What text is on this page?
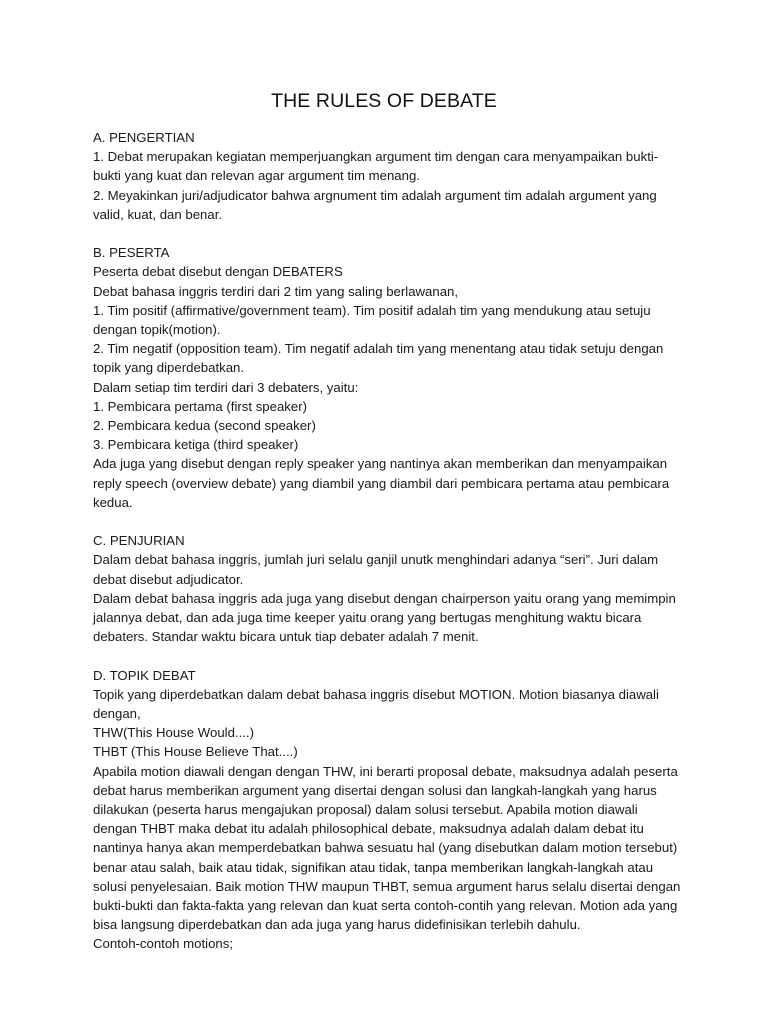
THE RULES OF DEBATE

A. PENGERTIAN

1. Debat merupakan kegiatan memperjuangkan argument tim dengan cara menyampaikan bukti-

bukti yang kuat dan relevan agar argument tim menang.

2. Meyakinkan juri/adjudicator bahwa argnument tim adalah argument tim adalah argument yang

valid, kuat, dan benar.

B. PESERTA

Peserta debat disebut dengan DEBATERS

Debat bahasa inggris terdiri dari 2 tim yang saling berlawanan,

1. Tim positif (affirmative/government team). Tim positif adalah tim yang mendukung atau setuju

dengan topik(motion).

2. Tim negatif (opposition team). Tim negatif adalah tim yang menentang atau tidak setuju dengan

topik yang diperdebatkan.

Dalam setiap tim terdiri dari 3 debaters, yaitu:

1. Pembicara pertama (first speaker)

2. Pembicara kedua (second speaker)

3. Pembicara ketiga (third speaker)

Ada juga yang disebut dengan reply speaker yang nantinya akan memberikan dan menyampaikan

reply speech (overview debate) yang diambil yang diambil dari pembicara pertama atau pembicara

kedua.

C. PENJURIAN

Dalam debat bahasa inggris, jumlah juri selalu ganjil unutk menghindari adanya “seri”. Juri dalam

debat disebut adjudicator.

Dalam debat bahasa inggris ada juga yang disebut dengan chairperson yaitu orang yang memimpin

jalannya debat, dan ada juga time keeper yaitu orang yang bertugas menghitung waktu bicara

debaters. Standar waktu bicara untuk tiap debater adalah 7 menit.

D. TOPIK DEBAT

Topik yang diperdebatkan dalam debat bahasa inggris disebut MOTION. Motion biasanya diawali

dengan,

THW(This House Would....)

THBT (This House Believe That....)

Apabila motion diawali dengan dengan THW, ini berarti proposal debate, maksudnya adalah peserta

debat harus memberikan argument yang disertai dengan solusi dan langkah-langkah yang harus

dilakukan (peserta harus mengajukan proposal) dalam solusi tersebut. Apabila motion diawali

dengan THBT maka debat itu adalah philosophical debate, maksudnya adalah dalam debat itu

nantinya hanya akan memperdebatkan bahwa sesuatu hal (yang disebutkan dalam motion tersebut)

benar atau salah, baik atau tidak, signifikan atau tidak, tanpa memberikan langkah-langkah atau

solusi penyelesaian. Baik motion THW maupun THBT, semua argument harus selalu disertai dengan

bukti-bukti dan fakta-fakta yang relevan dan kuat serta contoh-contih yang relevan. Motion ada yang

bisa langsung diperdebatkan dan ada juga yang harus didefinisikan terlebih dahulu.

Contoh-contoh motions;
